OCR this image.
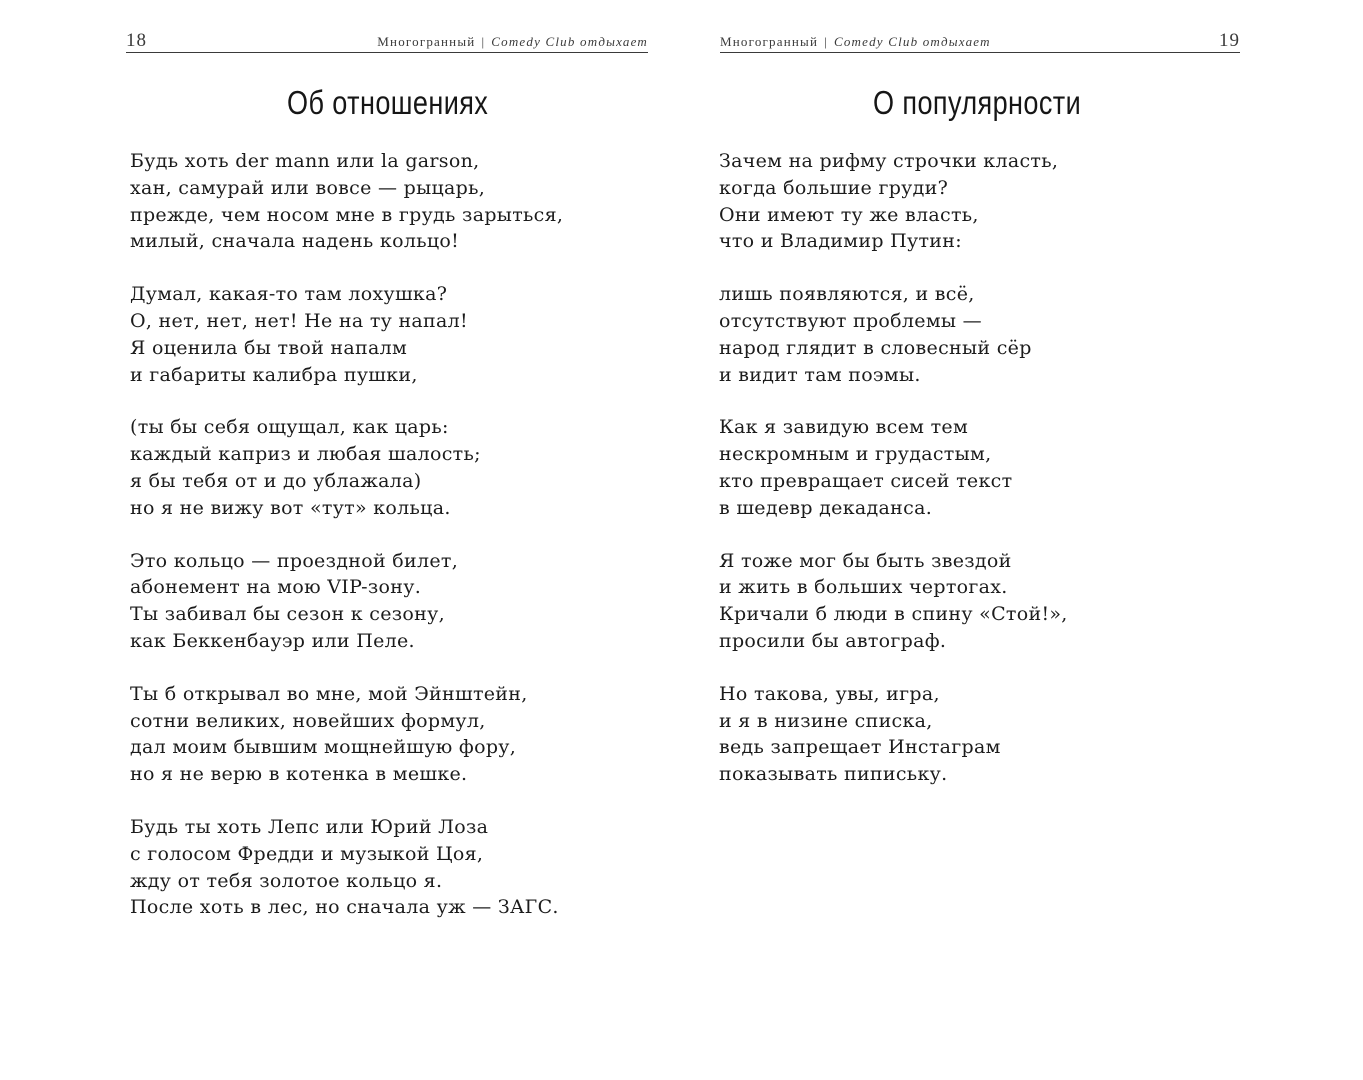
18	Многогранный | Comedy Club отдыхает
Об отношениях
Будь хоть der mann или la garson,
хан, самурай или вовсе — рыцарь,
прежде, чем носом мне в грудь зарыться,
милый, сначала надень кольцо!
Думал, какая-то там лохушка?
О, нет, нет, нет! Не на ту напал!
Я оценила бы твой напалм
и габариты калибра пушки,
(ты бы себя ощущал, как царь:
каждый каприз и любая шалость;
я бы тебя от и до ублажала)
но я не вижу вот «тут» кольца.
Это кольцо — проездной билет,
абонемент на мою VIP-зону.
Ты забивал бы сезон к сезону,
как Беккенбауэр или Пеле.
Ты б открывал во мне, мой Эйнштейн,
сотни великих, новейших формул,
дал моим бывшим мощнейшую фору,
но я не верю в котенка в мешке.
Будь ты хоть Лепс или Юрий Лоза
с голосом Фредди и музыкой Цоя,
жду от тебя золотое кольцо я.
После хоть в лес, но сначала уж — ЗАГС.
Многогранный | Comedy Club отдыхает	19
О популярности
Зачем на рифму строчки класть,
когда большие груди?
Они имеют ту же власть,
что и Владимир Путин:
лишь появляются, и всё,
отсутствуют проблемы —
народ глядит в словесный сёр
и видит там поэмы.
Как я завидую всем тем
нескромным и грудастым,
кто превращает сисей текст
в шедевр декаданса.
Я тоже мог бы быть звездой
и жить в больших чертогах.
Кричали б люди в спину «Стой!»,
просили бы автограф.
Но такова, увы, игра,
и я в низине списка,
ведь запрещает Инстаграм
показывать пипиську.
